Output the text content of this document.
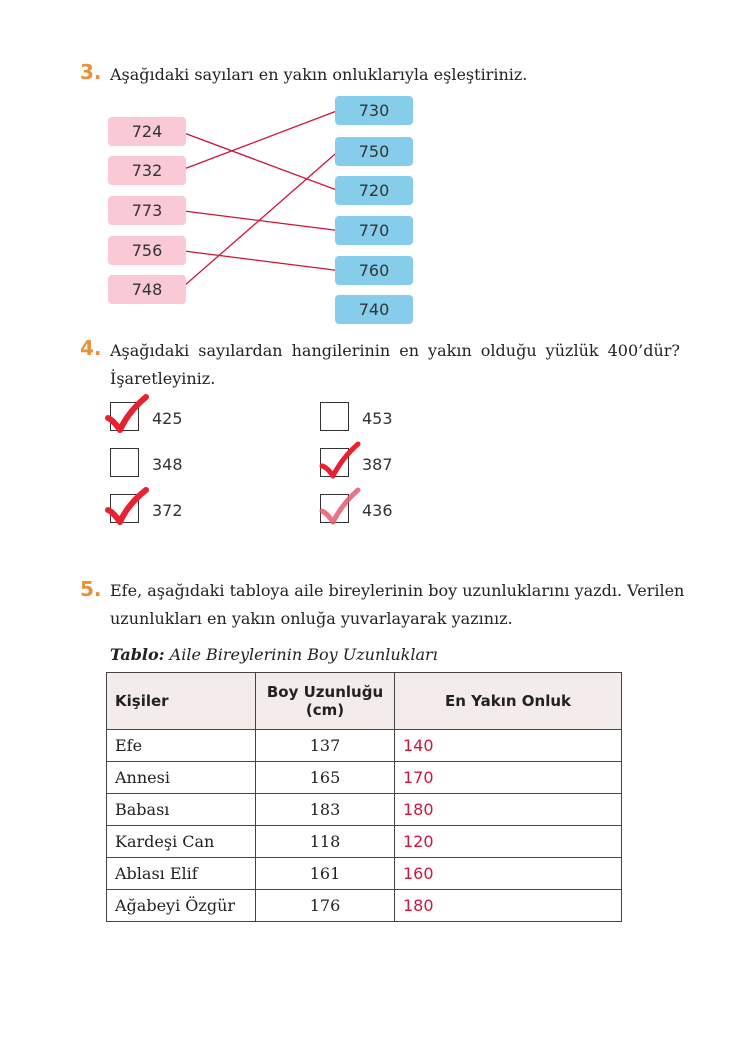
3. Aşağıdaki sayıları en yakın onluklarıyla eşleştiriniz.
724
732
773
756
748
730
750
720
770
760
740
4. Aşağıdaki sayılardan hangilerinin en yakın olduğu yüzlük 400’dür? İşaretleyiniz.
425	453
348	387
372	436
5. Efe, aşağıdaki tabloya aile bireylerinin boy uzunluklarını yazdı. Verilen uzunlukları en yakın onluğa yuvarlayarak yazınız.
Tablo: Aile Bireylerinin Boy Uzunlukları
Kişiler	Boy Uzunluğu (cm)	En Yakın Onluk
Efe	137	140
Annesi	165	170
Babası	183	180
Kardeşi Can	118	120
Ablası Elif	161	160
Ağabeyi Özgür	176	180
